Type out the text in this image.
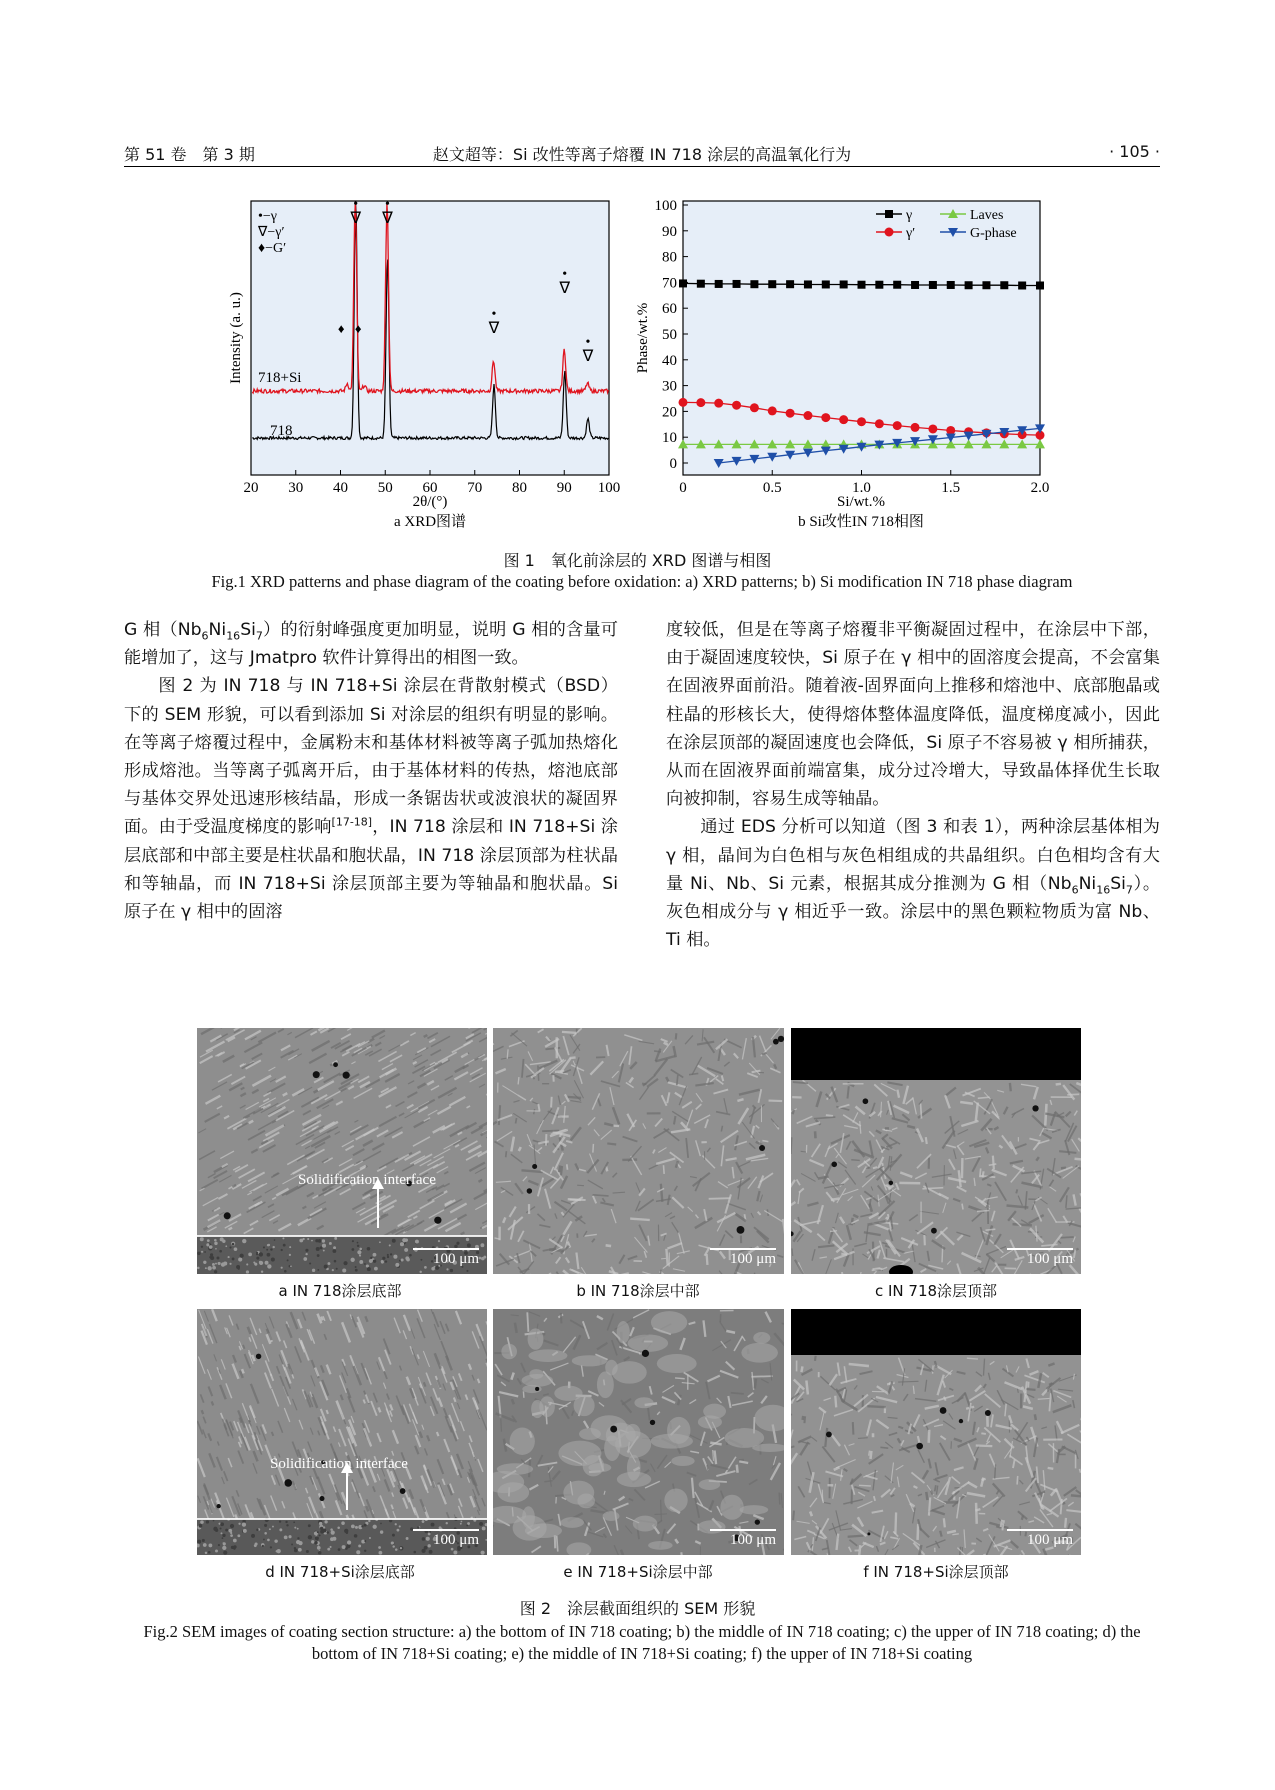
第 51 卷　第 3 期	赵文超等：Si 改性等离子熔覆 IN 718 涂层的高温氧化行为	· 105 ·
20 30 40 50 60 70 80 90 100
•
∇
•
∇
•
∇
•
∇
•
∇
♦ ♦
•−γ
∇−γ′
♦−G′
718+Si
718
2θ/(°)
Intensity (a. u.)
a XRD图谱
0
10
20
30
40
50
60
70
80
90
100
0	0.5	1.0	1.5	2.0
γ
γ′
Laves
G-phase
Si/wt.%
Phase/wt.%
b Si改性IN 718相图
图 1　氧化前涂层的 XRD 图谱与相图
Fig.1 XRD patterns and phase diagram of the coating before oxidation: a) XRD patterns; b) Si modification IN 718 phase diagram

G 相$(Nb_6Ni_{16}Si_7)$的衍射峰强度更加明显，说明 G 相的含量可能增加了，这与 Jmatpro 软件计算得出的相图一致。

图 2 为 IN 718 与 IN 718+Si 涂层在背散射模式（BSD）下的 SEM 形貌，可以看到添加 Si 对涂层的组织有明显的影响。在等离子熔覆过程中，金属粉末和基体材料被等离子弧加热熔化形成熔池。当等离子弧离开后，由于基体材料的传热，熔池底部与基体交界处迅速形核结晶，形成一条锯齿状或波浪状的凝固界面。由于受温度梯度的影响[17-18]，IN 718 涂层和 IN 718+Si 涂层底部和中部主要是柱状晶和胞状晶，IN 718 涂层顶部为柱状晶和等轴晶，而 IN 718+Si 涂层顶部主要为等轴晶和胞状晶。Si 原子在 γ 相中的固溶

度较低，但是在等离子熔覆非平衡凝固过程中，在涂层中下部，由于凝固速度较快，Si 原子在 γ 相中的固溶度会提高，不会富集在固液界面前沿。随着液-固界面向上推移和熔池中、底部胞晶或柱晶的形核长大，使得熔体整体温度降低，温度梯度减小，因此在涂层顶部的凝固速度也会降低，Si 原子不容易被 γ 相所捕获，从而在固液界面前端富集，成分过冷增大，导致晶体择优生长取向被抑制，容易生成等轴晶。

通过 EDS 分析可以知道（图 3 和表 1），两种涂层基体相为 γ 相，晶间为白色相与灰色相组成的共晶组织。白色相均含有大量 Ni、Nb、Si 元素，根据其成分推测为 G 相$(Nb_6Ni_{16}Si_7)$。灰色相成分与 γ 相近乎一致。涂层中的黑色颗粒物质为富 Nb、Ti 相。

Solidification interface
100 μm	100 μm	100 μm
Solidification interface
100 μm	100 μm	100 μm
a IN 718涂层底部	b IN 718涂层中部	c IN 718涂层顶部
d IN 718+Si涂层底部	e IN 718+Si涂层中部	f IN 718+Si涂层顶部
图 2　涂层截面组织的 SEM 形貌
Fig.2 SEM images of coating section structure: a) the bottom of IN 718 coating; b) the middle of IN 718 coating; c) the upper of IN 718 coating; d) the bottom of IN 718+Si coating; e) the middle of IN 718+Si coating; f) the upper of IN 718+Si coating
